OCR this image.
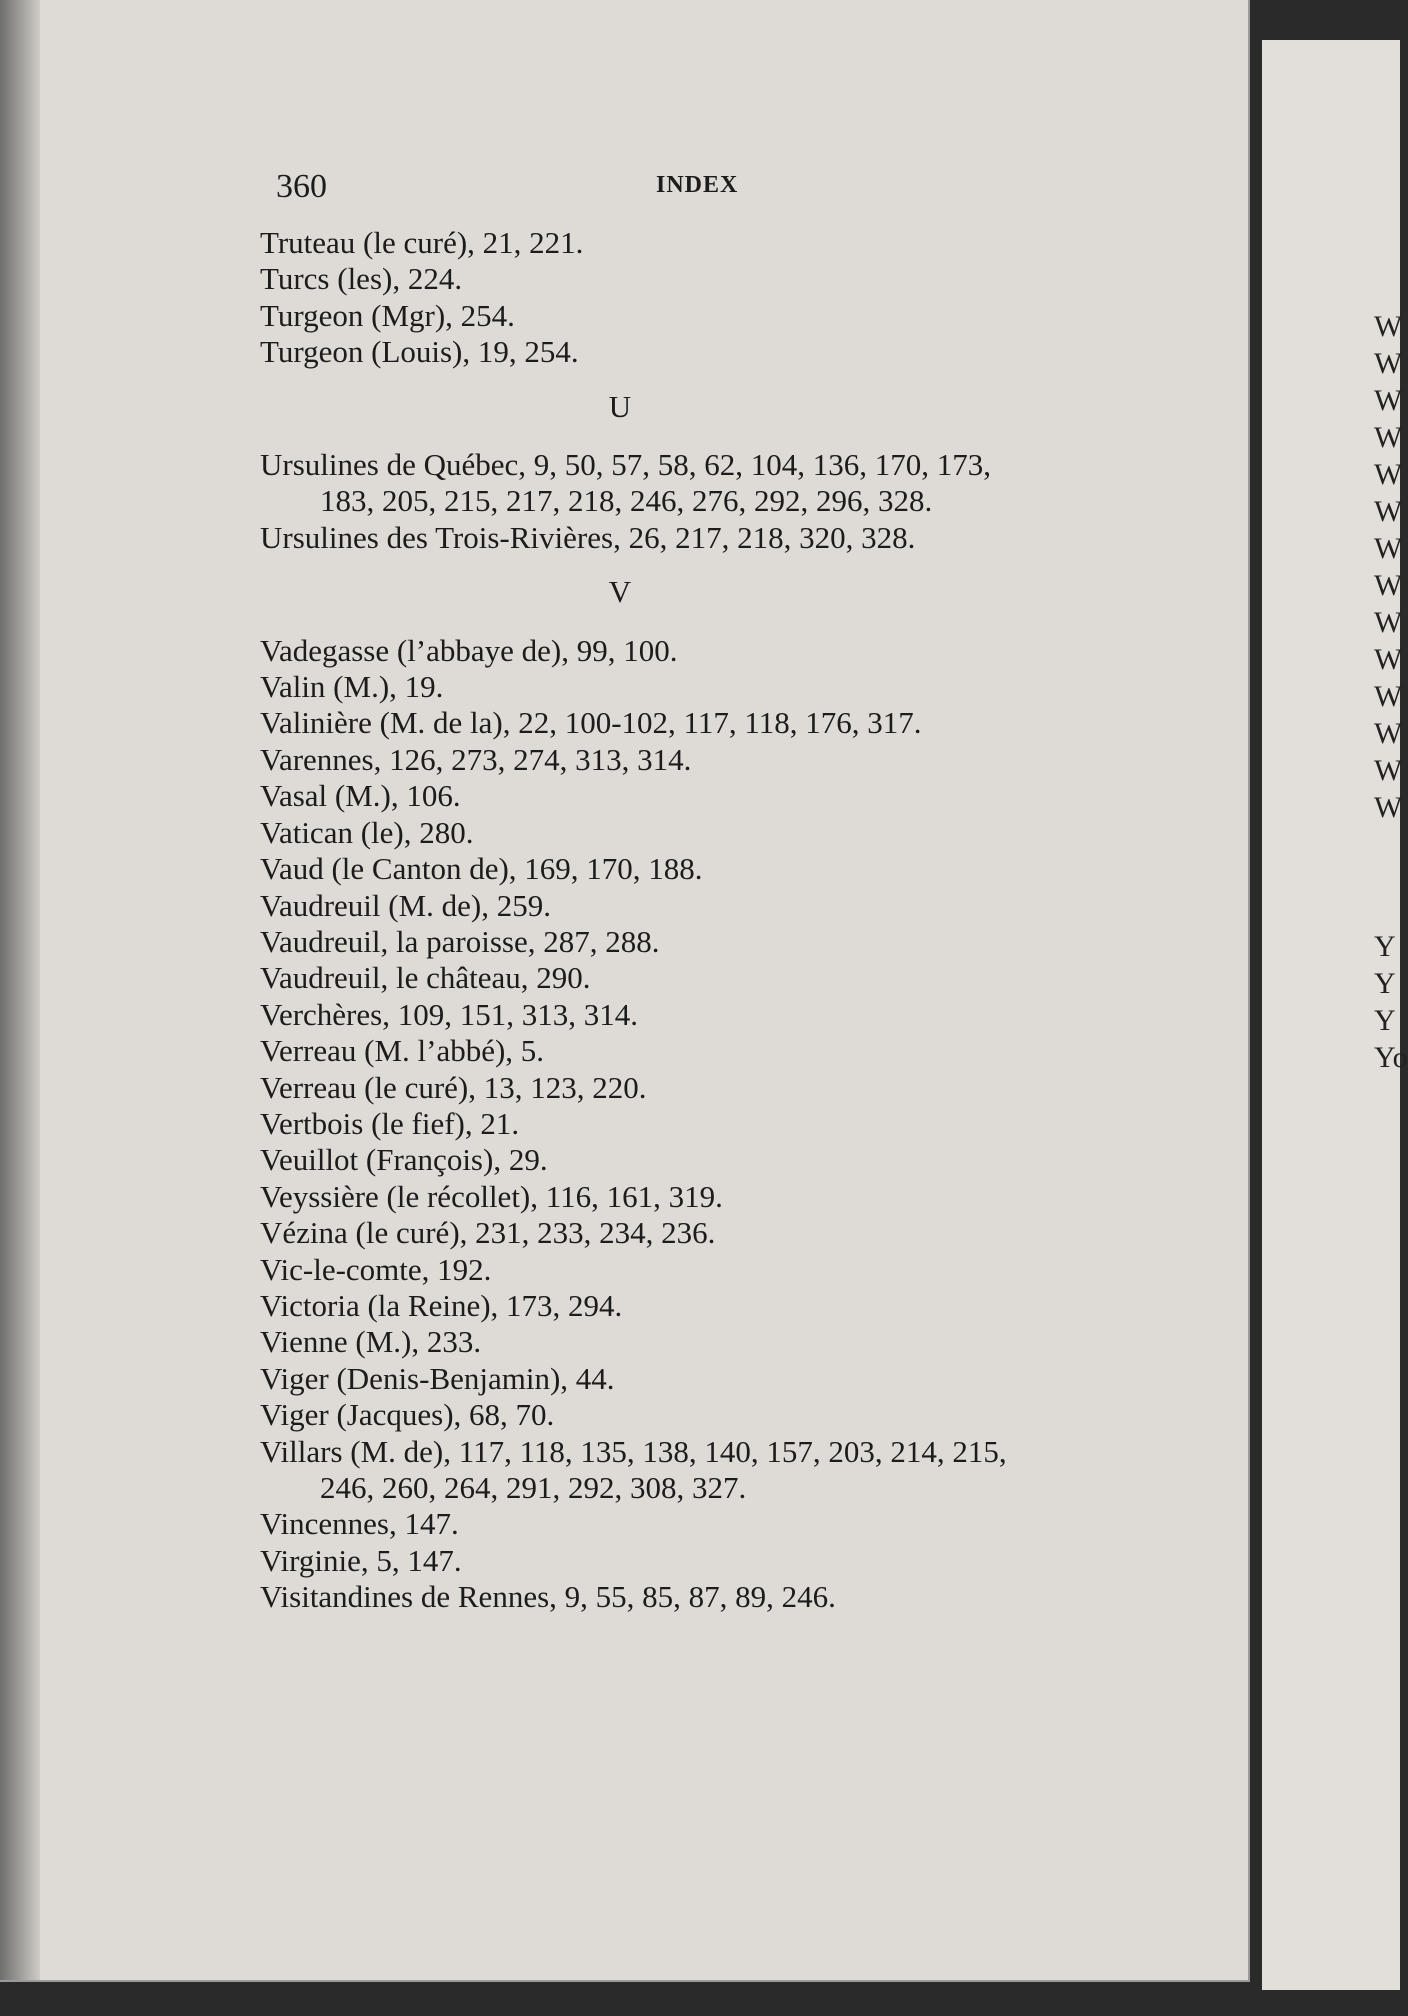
360	INDEX
Truteau (le curé), 21, 221.
Turcs (les), 224.
Turgeon (Mgr), 254.
Turgeon (Louis), 19, 254.
U
Ursulines de Québec, 9, 50, 57, 58, 62, 104, 136, 170, 173,
183, 205, 215, 217, 218, 246, 276, 292, 296, 328.
Ursulines des Trois-Rivières, 26, 217, 218, 320, 328.
V
Vadegasse (l’abbaye de), 99, 100.
Valin (M.), 19.
Valinière (M. de la), 22, 100-102, 117, 118, 176, 317.
Varennes, 126, 273, 274, 313, 314.
Vasal (M.), 106.
Vatican (le), 280.
Vaud (le Canton de), 169, 170, 188.
Vaudreuil (M. de), 259.
Vaudreuil, la paroisse, 287, 288.
Vaudreuil, le château, 290.
Verchères, 109, 151, 313, 314.
Verreau (M. l’abbé), 5.
Verreau (le curé), 13, 123, 220.
Vertbois (le fief), 21.
Veuillot (François), 29.
Veyssière (le récollet), 116, 161, 319.
Vézina (le curé), 231, 233, 234, 236.
Vic-le-comte, 192.
Victoria (la Reine), 173, 294.
Vienne (M.), 233.
Viger (Denis-Benjamin), 44.
Viger (Jacques), 68, 70.
Villars (M. de), 117, 118, 135, 138, 140, 157, 203, 214, 215,
246, 260, 264, 291, 292, 308, 327.
Vincennes, 147.
Virginie, 5, 147.
Visitandines de Rennes, 9, 55, 85, 87, 89, 246.
W
W
W
W
W
W
W
W
W
W
W
W
W
W
Y
Y
Y
Yo
